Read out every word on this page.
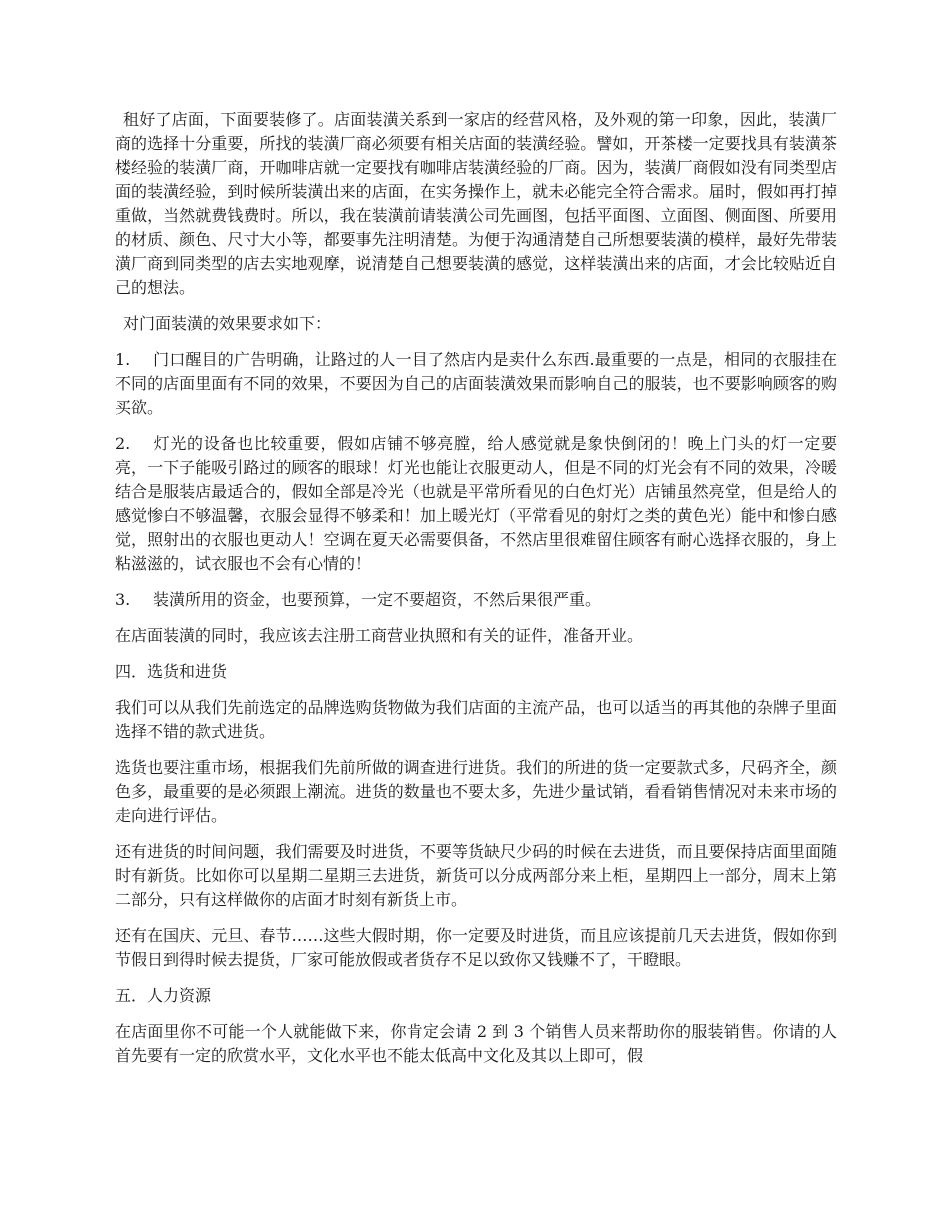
租好了店面，下面要装修了。店面装潢关系到一家店的经营风格，及外观的第一印象，因此，装潢厂商的选择十分重要，所找的装潢厂商必须要有相关店面的装潢经验。譬如，开茶楼一定要找具有装潢茶楼经验的装潢厂商，开咖啡店就一定要找有咖啡店装潢经验的厂商。因为，装潢厂商假如没有同类型店面的装潢经验，到时候所装潢出来的店面，在实务操作上，就未必能完全符合需求。届时，假如再打掉重做，当然就费钱费时。所以，我在装潢前请装潢公司先画图，包括平面图、立面图、侧面图、所要用的材质、颜色、尺寸大小等，都要事先注明清楚。为便于沟通清楚自己所想要装潢的模样，最好先带装潢厂商到同类型的店去实地观摩，说清楚自己想要装潢的感觉，这样装潢出来的店面，才会比较贴近自己的想法。

对门面装潢的效果要求如下：

1. 门口醒目的广告明确，让路过的人一目了然店内是卖什么东西.最重要的一点是，相同的衣服挂在不同的店面里面有不同的效果，不要因为自己的店面装潢效果而影响自己的服装，也不要影响顾客的购买欲。

2. 灯光的设备也比较重要，假如店铺不够亮膛，给人感觉就是象快倒闭的！晚上门头的灯一定要亮，一下子能吸引路过的顾客的眼球！灯光也能让衣服更动人，但是不同的灯光会有不同的效果，冷暖结合是服装店最适合的，假如全部是冷光（也就是平常所看见的白色灯光）店铺虽然亮堂，但是给人的感觉惨白不够温馨，衣服会显得不够柔和！加上暖光灯（平常看见的射灯之类的黄色光）能中和惨白感觉，照射出的衣服也更动人！空调在夏天必需要俱备，不然店里很难留住顾客有耐心选择衣服的，身上粘滋滋的，试衣服也不会有心情的！

3. 装潢所用的资金，也要预算，一定不要超资，不然后果很严重。

在店面装潢的同时，我应该去注册工商营业执照和有关的证件，准备开业。

四．选货和进货

我们可以从我们先前选定的品牌选购货物做为我们店面的主流产品，也可以适当的再其他的杂牌子里面选择不错的款式进货。

选货也要注重市场，根据我们先前所做的调查进行进货。我们的所进的货一定要款式多，尺码齐全，颜色多，最重要的是必须跟上潮流。进货的数量也不要太多，先进少量试销，看看销售情况对未来市场的走向进行评估。

还有进货的时间问题，我们需要及时进货，不要等货缺尺少码的时候在去进货，而且要保持店面里面随时有新货。比如你可以星期二星期三去进货，新货可以分成两部分来上柜，星期四上一部分，周末上第二部分，只有这样做你的店面才时刻有新货上市。

还有在国庆、元旦、春节……这些大假时期，你一定要及时进货，而且应该提前几天去进货，假如你到节假日到得时候去提货，厂家可能放假或者货存不足以致你又钱赚不了，干瞪眼。

五．人力资源

在店面里你不可能一个人就能做下来，你肯定会请 2 到 3 个销售人员来帮助你的服装销售。你请的人首先要有一定的欣赏水平，文化水平也不能太低高中文化及其以上即可，假
